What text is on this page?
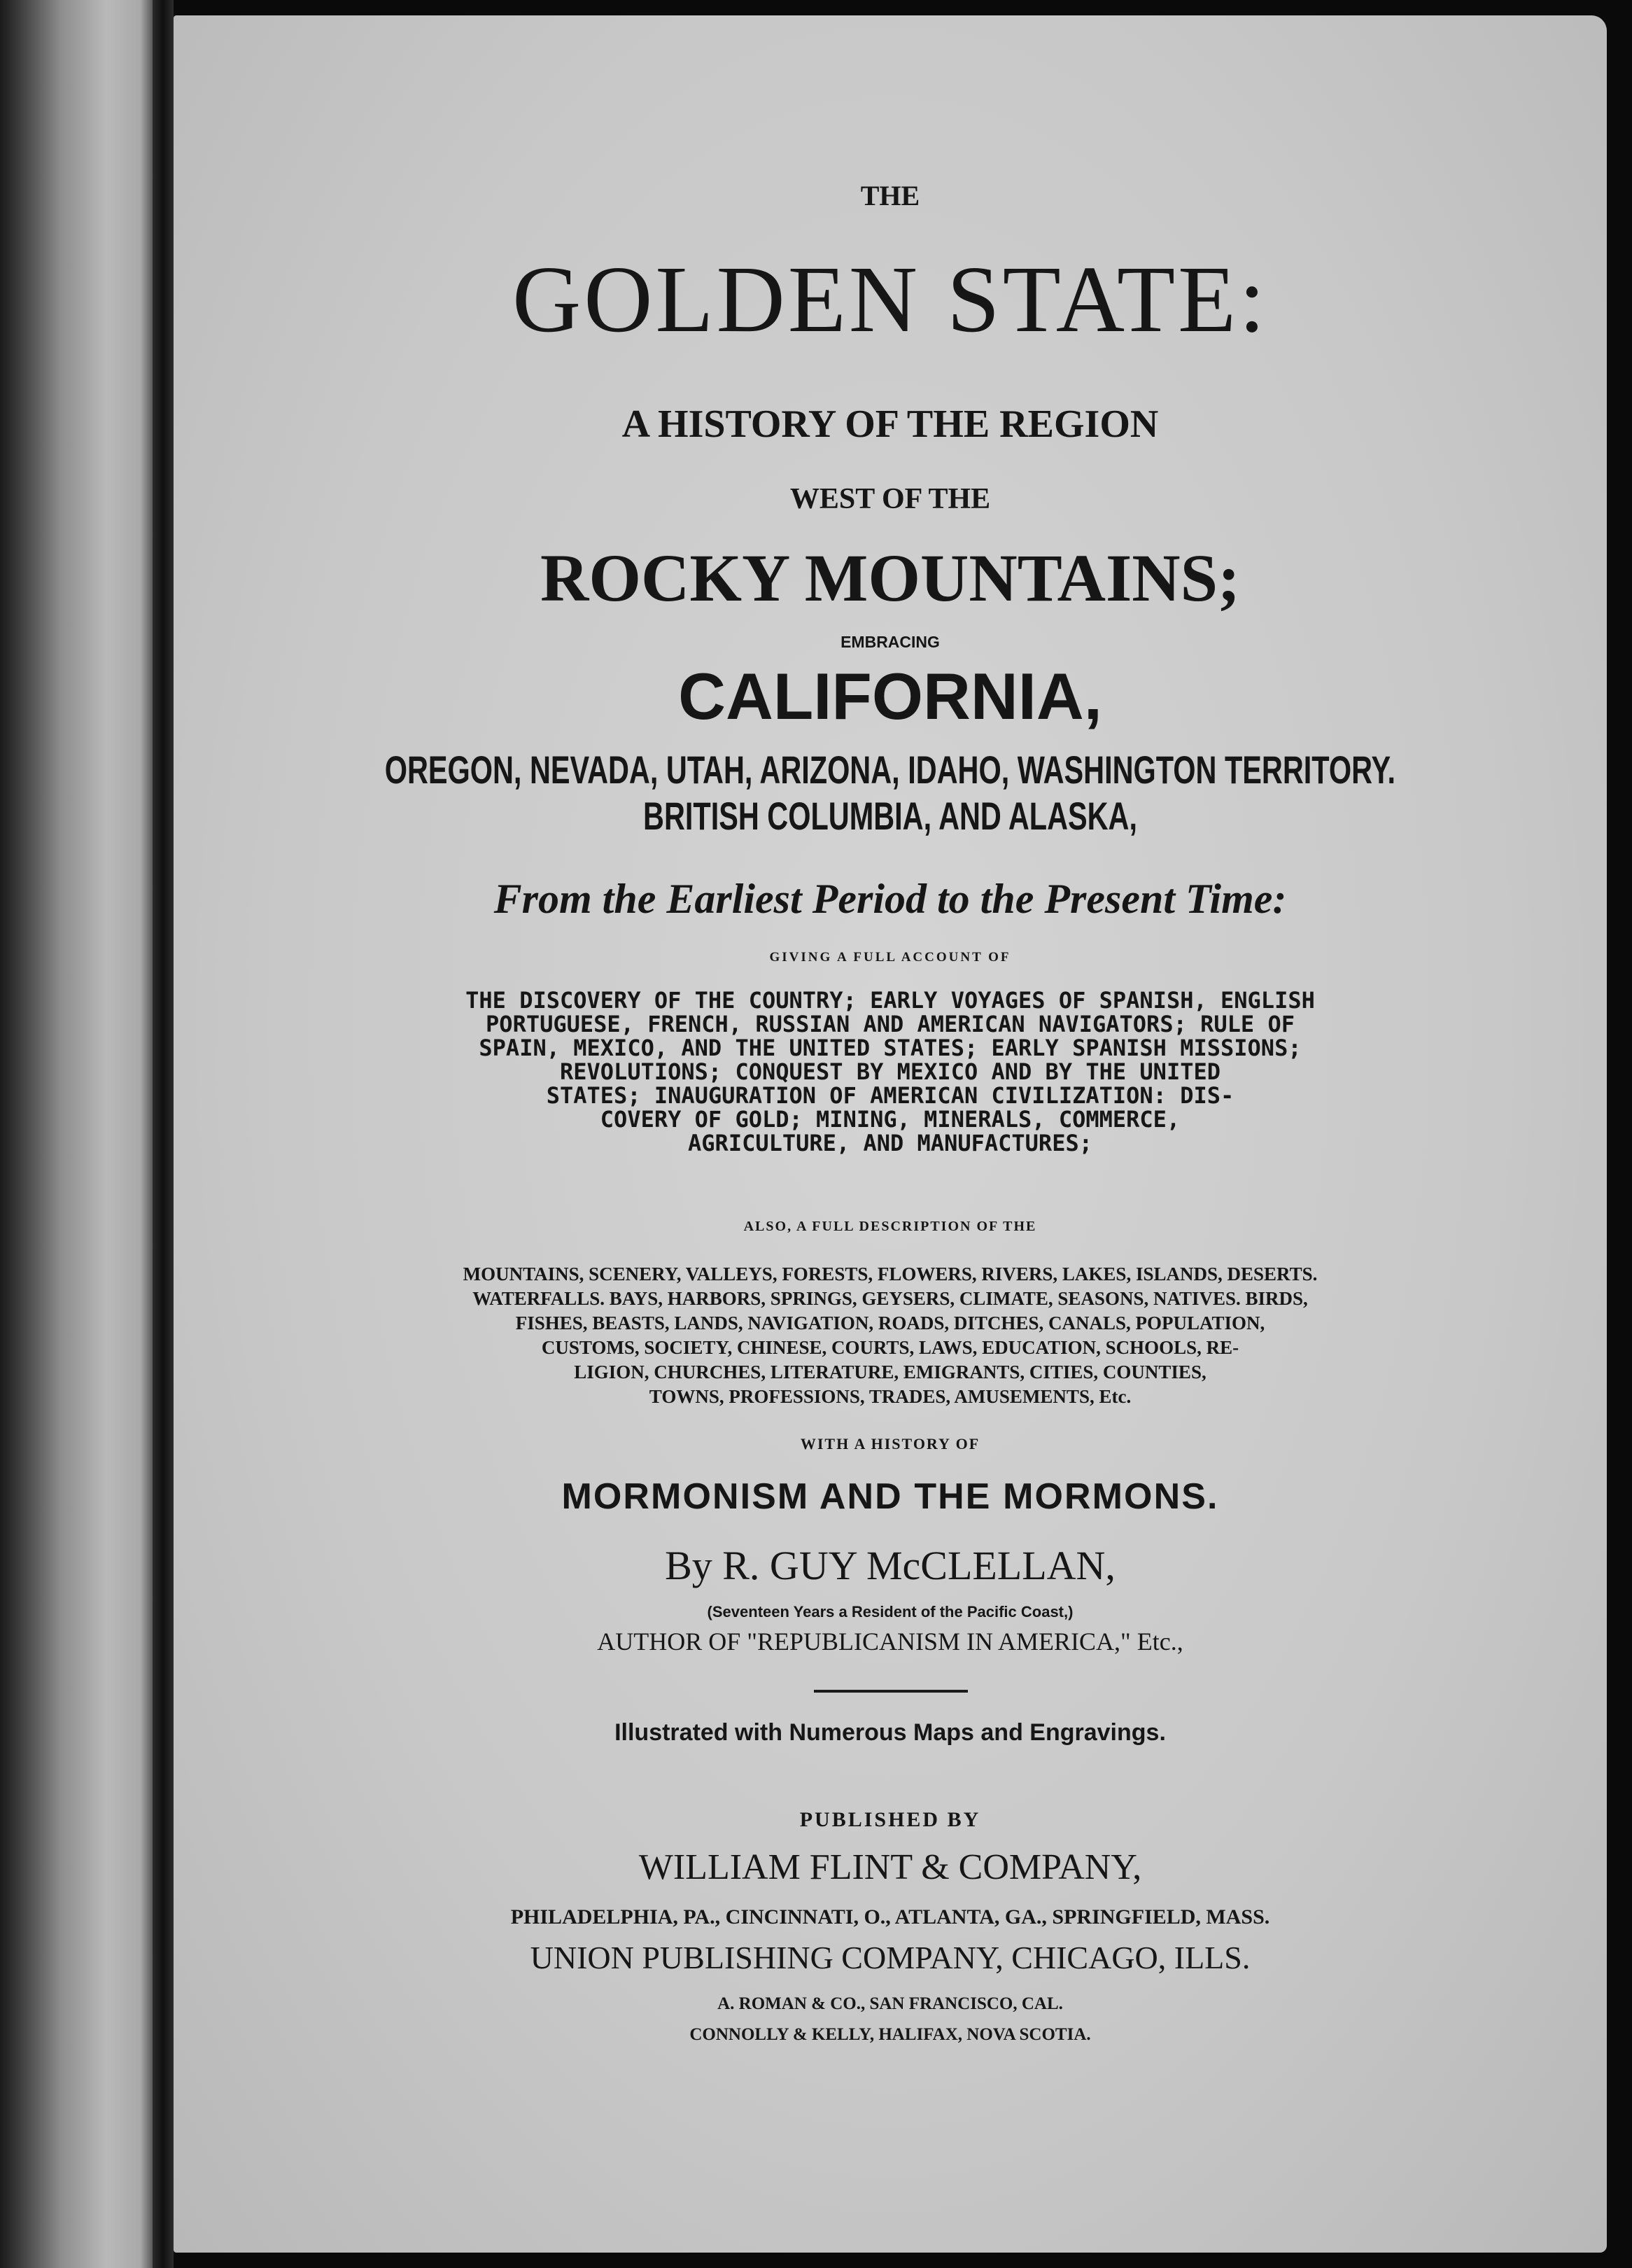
THE
GOLDEN STATE:
A HISTORY OF THE REGION
WEST OF THE
ROCKY MOUNTAINS;
EMBRACING
CALIFORNIA,
OREGON, NEVADA, UTAH, ARIZONA, IDAHO, WASHINGTON TERRITORY.
BRITISH COLUMBIA, AND ALASKA,
From the Earliest Period to the Present Time:
GIVING A FULL ACCOUNT OF
THE DISCOVERY OF THE COUNTRY; EARLY VOYAGES OF SPANISH, ENGLISH
PORTUGUESE, FRENCH, RUSSIAN AND AMERICAN NAVIGATORS; RULE OF
SPAIN, MEXICO, AND THE UNITED STATES; EARLY SPANISH MISSIONS;
REVOLUTIONS; CONQUEST BY MEXICO AND BY THE UNITED
STATES; INAUGURATION OF AMERICAN CIVILIZATION: DIS-
COVERY OF GOLD; MINING, MINERALS, COMMERCE,
AGRICULTURE, AND MANUFACTURES;
ALSO, A FULL DESCRIPTION OF THE
MOUNTAINS, SCENERY, VALLEYS, FORESTS, FLOWERS, RIVERS, LAKES, ISLANDS, DESERTS.
WATERFALLS. BAYS, HARBORS, SPRINGS, GEYSERS, CLIMATE, SEASONS, NATIVES. BIRDS,
FISHES, BEASTS, LANDS, NAVIGATION, ROADS, DITCHES, CANALS, POPULATION,
CUSTOMS, SOCIETY, CHINESE, COURTS, LAWS, EDUCATION, SCHOOLS, RE-
LIGION, CHURCHES, LITERATURE, EMIGRANTS, CITIES, COUNTIES,
TOWNS, PROFESSIONS, TRADES, AMUSEMENTS, Etc.
WITH A HISTORY OF
MORMONISM AND THE MORMONS.
By R. GUY McCLELLAN,
(Seventeen Years a Resident of the Pacific Coast,)
AUTHOR OF "REPUBLICANISM IN AMERICA," Etc.,
Illustrated with Numerous Maps and Engravings.
PUBLISHED BY
WILLIAM FLINT & COMPANY,
PHILADELPHIA, PA., CINCINNATI, O., ATLANTA, GA., SPRINGFIELD, MASS.
UNION PUBLISHING COMPANY, CHICAGO, ILLS.
A. ROMAN & CO., SAN FRANCISCO, CAL.
CONNOLLY & KELLY, HALIFAX, NOVA SCOTIA.
